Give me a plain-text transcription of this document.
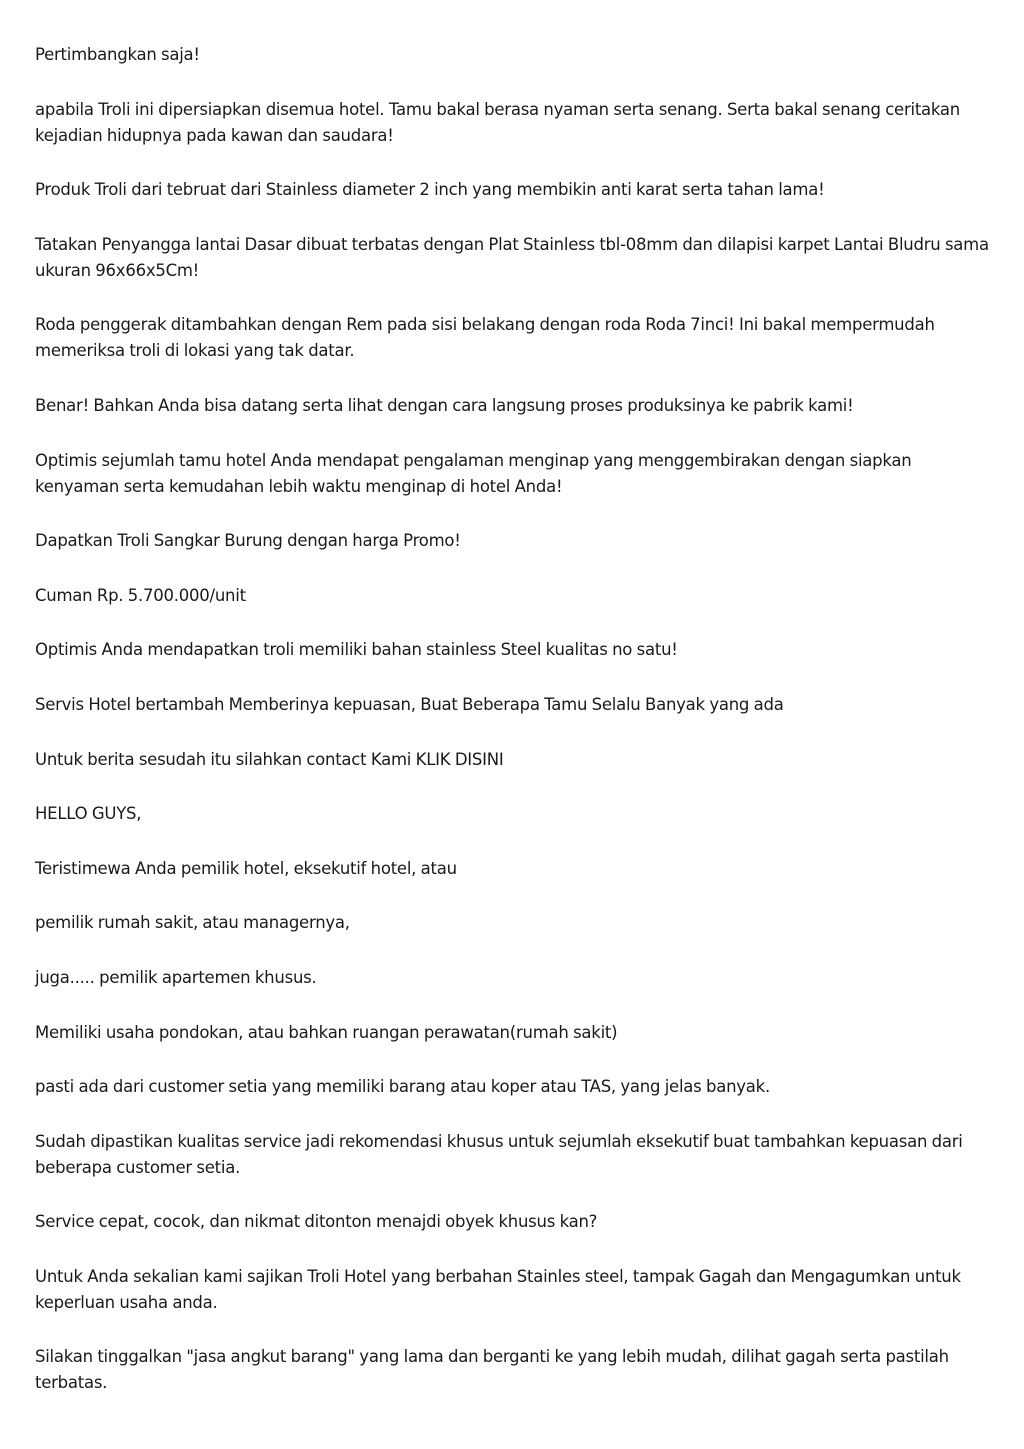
Pertimbangkan saja!

apabila Troli ini dipersiapkan disemua hotel. Tamu bakal berasa nyaman serta senang. Serta bakal senang ceritakan kejadian hidupnya pada kawan dan saudara!

Produk Troli dari tebruat dari Stainless diameter 2 inch yang membikin anti karat serta tahan lama!

Tatakan Penyangga lantai Dasar dibuat terbatas dengan Plat Stainless tbl-08mm dan dilapisi karpet Lantai Bludru sama ukuran 96x66x5Cm!

Roda penggerak ditambahkan dengan Rem pada sisi belakang dengan roda Roda 7inci! Ini bakal mempermudah memeriksa troli di lokasi yang tak datar.

Benar! Bahkan Anda bisa datang serta lihat dengan cara langsung proses produksinya ke pabrik kami!

Optimis sejumlah tamu hotel Anda mendapat pengalaman menginap yang menggembirakan dengan siapkan kenyaman serta kemudahan lebih waktu menginap di hotel Anda!

Dapatkan Troli Sangkar Burung dengan harga Promo!

Cuman Rp. 5.700.000/unit

Optimis Anda mendapatkan troli memiliki bahan stainless Steel kualitas no satu!

Servis Hotel bertambah Memberinya kepuasan, Buat Beberapa Tamu Selalu Banyak yang ada

Untuk berita sesudah itu silahkan contact Kami KLIK DISINI

HELLO GUYS,

Teristimewa Anda pemilik hotel, eksekutif hotel, atau

pemilik rumah sakit, atau managernya,

juga..... pemilik apartemen khusus.

Memiliki usaha pondokan, atau bahkan ruangan perawatan(rumah sakit)

pasti ada dari customer setia yang memiliki barang atau koper atau TAS, yang jelas banyak.

Sudah dipastikan kualitas service jadi rekomendasi khusus untuk sejumlah eksekutif buat tambahkan kepuasan dari beberapa customer setia.

Service cepat, cocok, dan nikmat ditonton menajdi obyek khusus kan?

Untuk Anda sekalian kami sajikan Troli Hotel yang berbahan Stainles steel, tampak Gagah dan Mengagumkan untuk keperluan usaha anda.

Silakan tinggalkan "jasa angkut barang" yang lama dan berganti ke yang lebih mudah, dilihat gagah serta pastilah terbatas.
